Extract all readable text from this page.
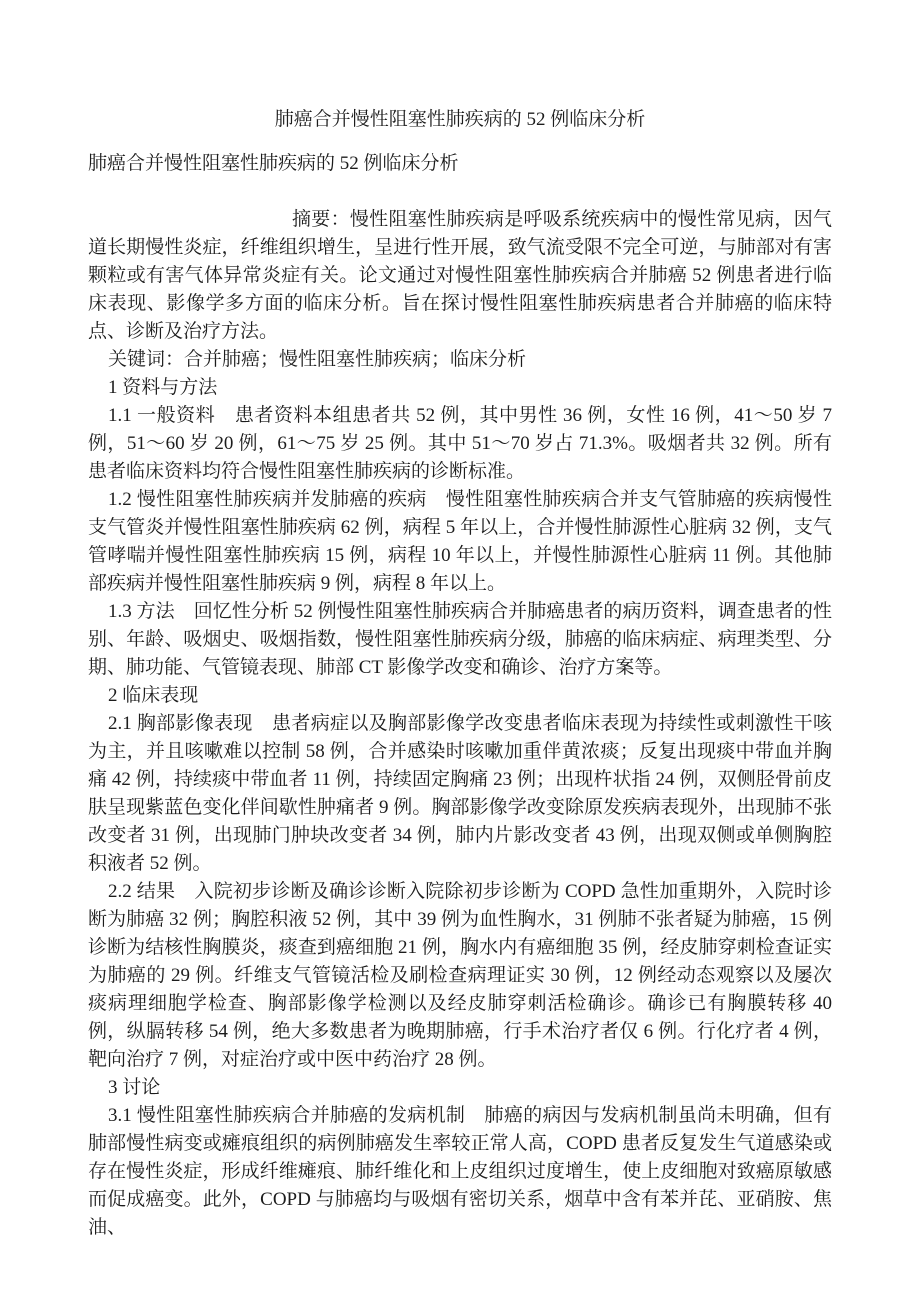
肺癌合并慢性阻塞性肺疾病的 52 例临床分析

肺癌合并慢性阻塞性肺疾病的 52 例临床分析

摘要：慢性阻塞性肺疾病是呼吸系统疾病中的慢性常见病，因气道长期慢性炎症，纤维组织增生，呈进行性开展，致气流受限不完全可逆，与肺部对有害颗粒或有害气体异常炎症有关。论文通过对慢性阻塞性肺疾病合并肺癌 52 例患者进行临床表现、影像学多方面的临床分析。旨在探讨慢性阻塞性肺疾病患者合并肺癌的临床特点、诊断及治疗方法。

关键词：合并肺癌；慢性阻塞性肺疾病；临床分析

1 资料与方法

1.1 一般资料　患者资料本组患者共 52 例，其中男性 36 例，女性 16 例，41～50 岁 7 例，51～60 岁 20 例，61～75 岁 25 例。其中 51～70 岁占 71.3%。吸烟者共 32 例。所有患者临床资料均符合慢性阻塞性肺疾病的诊断标准。

1.2 慢性阻塞性肺疾病并发肺癌的疾病　慢性阻塞性肺疾病合并支气管肺癌的疾病慢性支气管炎并慢性阻塞性肺疾病 62 例，病程 5 年以上，合并慢性肺源性心脏病 32 例，支气管哮喘并慢性阻塞性肺疾病 15 例，病程 10 年以上，并慢性肺源性心脏病 11 例。其他肺部疾病并慢性阻塞性肺疾病 9 例，病程 8 年以上。

1.3 方法　回忆性分析 52 例慢性阻塞性肺疾病合并肺癌患者的病历资料，调查患者的性别、年龄、吸烟史、吸烟指数，慢性阻塞性肺疾病分级，肺癌的临床病症、病理类型、分期、肺功能、气管镜表现、肺部 CT 影像学改变和确诊、治疗方案等。

2 临床表现

2.1 胸部影像表现　患者病症以及胸部影像学改变患者临床表现为持续性或刺激性干咳为主，并且咳嗽难以控制 58 例，合并感染时咳嗽加重伴黄浓痰；反复出现痰中带血并胸痛 42 例，持续痰中带血者 11 例，持续固定胸痛 23 例；出现杵状指 24 例，双侧胫骨前皮肤呈现紫蓝色变化伴间歇性肿痛者 9 例。胸部影像学改变除原发疾病表现外，出现肺不张改变者 31 例，出现肺门肿块改变者 34 例，肺内片影改变者 43 例，出现双侧或单侧胸腔积液者 52 例。

2.2 结果　入院初步诊断及确诊诊断入院除初步诊断为 COPD 急性加重期外，入院时诊断为肺癌 32 例；胸腔积液 52 例，其中 39 例为血性胸水，31 例肺不张者疑为肺癌，15 例诊断为结核性胸膜炎，痰查到癌细胞 21 例，胸水内有癌细胞 35 例，经皮肺穿刺检查证实为肺癌的 29 例。纤维支气管镜活检及刷检查病理证实 30 例，12 例经动态观察以及屡次痰病理细胞学检查、胸部影像学检测以及经皮肺穿刺活检确诊。确诊已有胸膜转移 40 例，纵膈转移 54 例，绝大多数患者为晚期肺癌，行手术治疗者仅 6 例。行化疗者 4 例，靶向治疗 7 例，对症治疗或中医中药治疗 28 例。

3 讨论

3.1 慢性阻塞性肺疾病合并肺癌的发病机制　肺癌的病因与发病机制虽尚未明确，但有肺部慢性病变或瘫痕组织的病例肺癌发生率较正常人高，COPD 患者反复发生气道感染或存在慢性炎症，形成纤维瘫痕、肺纤维化和上皮组织过度增生，使上皮细胞对致癌原敏感而促成癌变。此外，COPD 与肺癌均与吸烟有密切关系，烟草中含有苯并芘、亚硝胺、焦油、
